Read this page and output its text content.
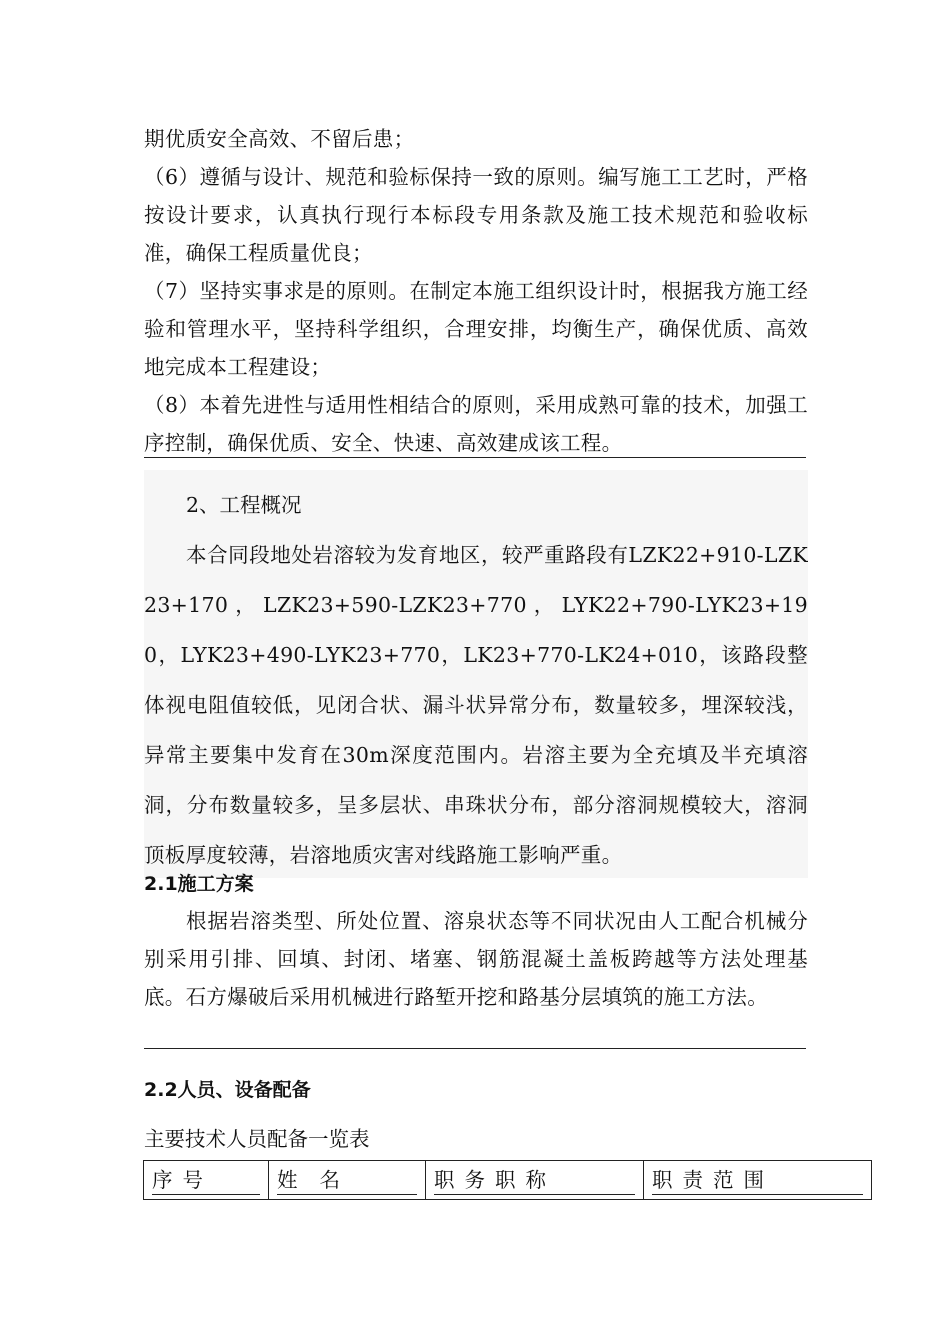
期优质安全高效、不留后患；

（6）遵循与设计、规范和验标保持一致的原则。编写施工工艺时，严格按设计要求，认真执行现行本标段专用条款及施工技术规范和验收标准，确保工程质量优良；

（7）坚持实事求是的原则。在制定本施工组织设计时，根据我方施工经验和管理水平，坚持科学组织，合理安排，均衡生产，确保优质、高效地完成本工程建设；

（8）本着先进性与适用性相结合的原则，采用成熟可靠的技术，加强工序控制，确保优质、安全、快速、高效建成该工程。

2、工程概况

本合同段地处岩溶较为发育地区，较严重路段有LZK22+910-LZK23+170，LZK23+590-LZK23+770，LYK22+790-LYK23+190，LYK23+490-LYK23+770，LK23+770-LK24+010，该路段整体视电阻值较低，见闭合状、漏斗状异常分布，数量较多，埋深较浅，异常主要集中发育在30m深度范围内。岩溶主要为全充填及半充填溶洞，分布数量较多，呈多层状、串珠状分布，部分溶洞规模较大，溶洞顶板厚度较薄，岩溶地质灾害对线路施工影响严重。

2.1施工方案

根据岩溶类型、所处位置、溶泉状态等不同状况由人工配合机械分别采用引排、回填、封闭、堵塞、钢筋混凝土盖板跨越等方法处理基底。石方爆破后采用机械进行路堑开挖和路基分层填筑的施工方法。

2.2人员、设备配备

主要技术人员配备一览表

序号	姓名	职务职称	职责范围
